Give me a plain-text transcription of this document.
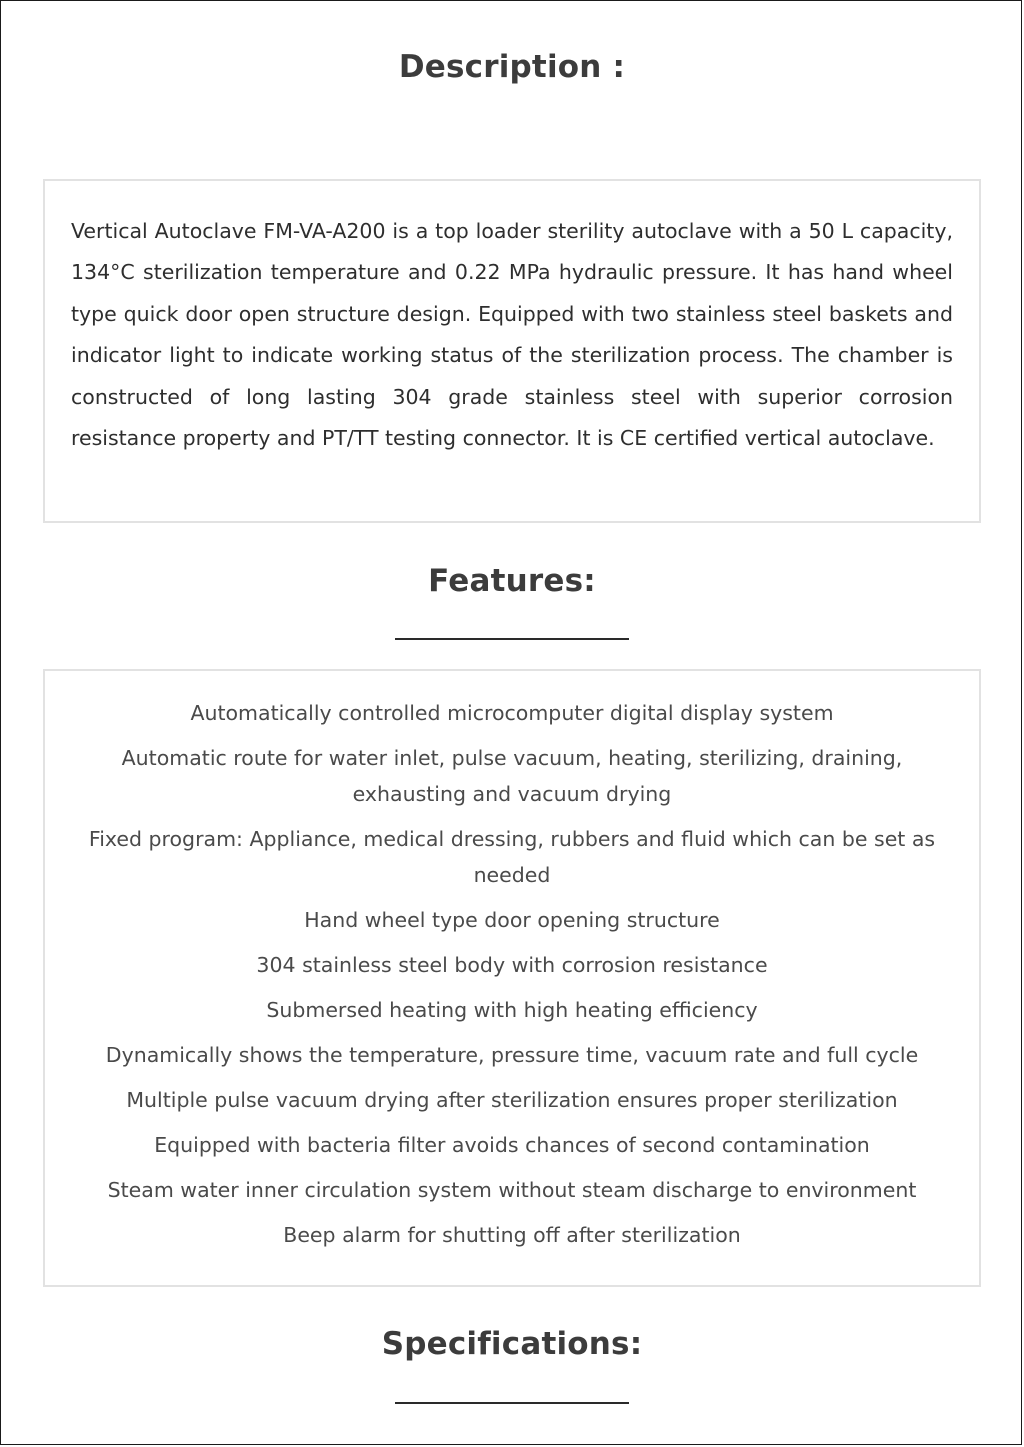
Description :

Vertical Autoclave FM-VA-A200 is a top loader sterility autoclave with a 50 L capacity, 134°C sterilization temperature and 0.22 MPa hydraulic pressure. It has hand wheel type quick door open structure design. Equipped with two stainless steel baskets and indicator light to indicate working status of the sterilization process. The chamber is constructed of long lasting 304 grade stainless steel with superior corrosion resistance property and PT/TT testing connector. It is CE certified vertical autoclave.

Features:
Automatically controlled microcomputer digital display system
Automatic route for water inlet, pulse vacuum, heating, sterilizing, draining, exhausting and vacuum drying
Fixed program: Appliance, medical dressing, rubbers and fluid which can be set as needed
Hand wheel type door opening structure
304 stainless steel body with corrosion resistance
Submersed heating with high heating efficiency
Dynamically shows the temperature, pressure time, vacuum rate and full cycle
Multiple pulse vacuum drying after sterilization ensures proper sterilization
Equipped with bacteria filter avoids chances of second contamination
Steam water inner circulation system without steam discharge to environment
Beep alarm for shutting off after sterilization
Specifications:
